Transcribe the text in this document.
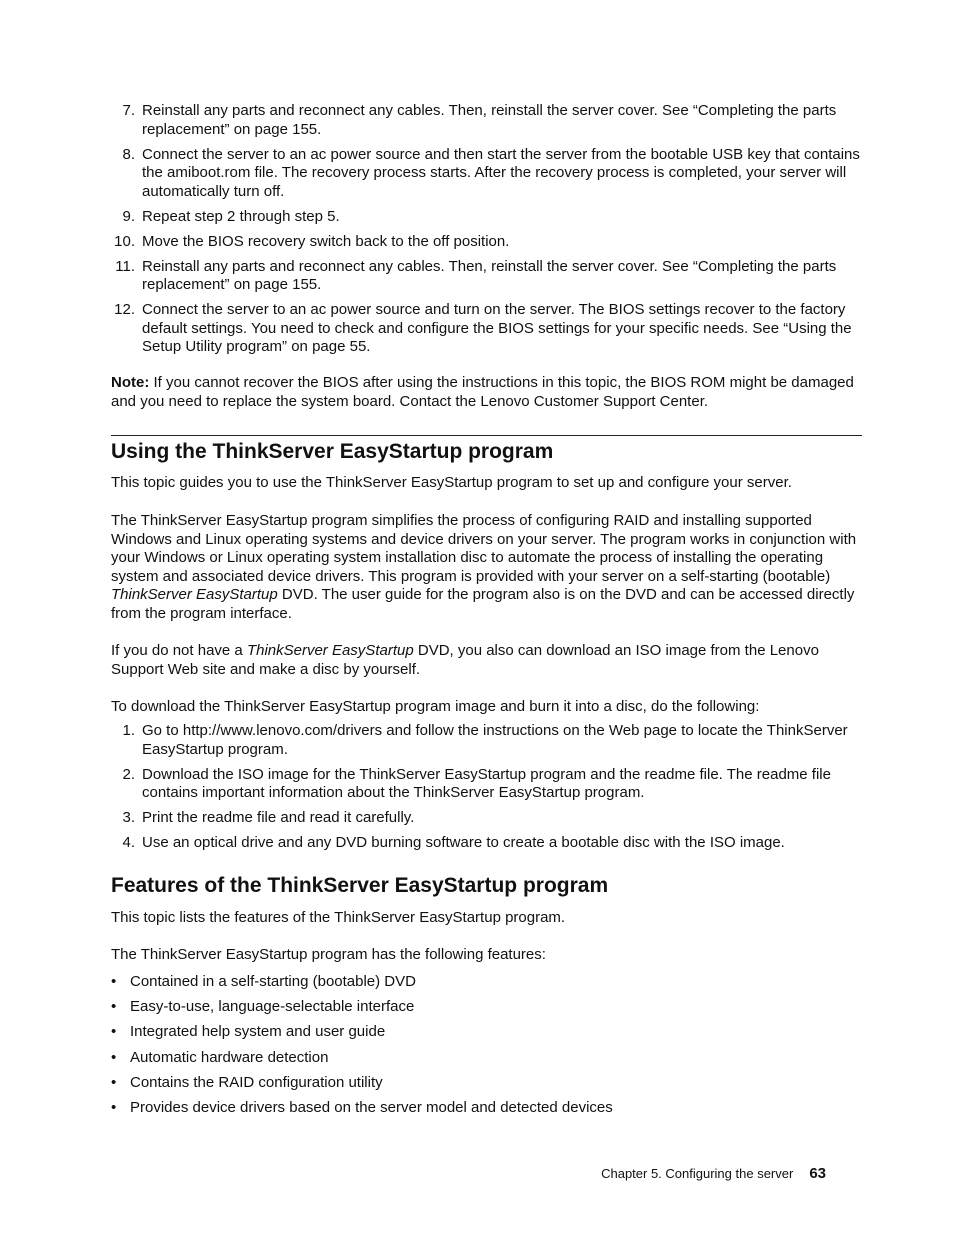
7. Reinstall any parts and reconnect any cables. Then, reinstall the server cover. See “Completing the parts replacement” on page 155.
8. Connect the server to an ac power source and then start the server from the bootable USB key that contains the amiboot.rom file. The recovery process starts. After the recovery process is completed, your server will automatically turn off.
9. Repeat step 2 through step 5.
10. Move the BIOS recovery switch back to the off position.
11. Reinstall any parts and reconnect any cables. Then, reinstall the server cover. See “Completing the parts replacement” on page 155.
12. Connect the server to an ac power source and turn on the server. The BIOS settings recover to the factory default settings. You need to check and configure the BIOS settings for your specific needs. See “Using the Setup Utility program” on page 55.

Note: If you cannot recover the BIOS after using the instructions in this topic, the BIOS ROM might be damaged and you need to replace the system board. Contact the Lenovo Customer Support Center.

Using the ThinkServer EasyStartup program

This topic guides you to use the ThinkServer EasyStartup program to set up and configure your server.

The ThinkServer EasyStartup program simplifies the process of configuring RAID and installing supported Windows and Linux operating systems and device drivers on your server. The program works in conjunction with your Windows or Linux operating system installation disc to automate the process of installing the operating system and associated device drivers. This program is provided with your server on a self-starting (bootable) ThinkServer EasyStartup DVD. The user guide for the program also is on the DVD and can be accessed directly from the program interface.

If you do not have a ThinkServer EasyStartup DVD, you also can download an ISO image from the Lenovo Support Web site and make a disc by yourself.

To download the ThinkServer EasyStartup program image and burn it into a disc, do the following:

1. Go to http://www.lenovo.com/drivers and follow the instructions on the Web page to locate the ThinkServer EasyStartup program.
2. Download the ISO image for the ThinkServer EasyStartup program and the readme file. The readme file contains important information about the ThinkServer EasyStartup program.
3. Print the readme file and read it carefully.
4. Use an optical drive and any DVD burning software to create a bootable disc with the ISO image.
Features of the ThinkServer EasyStartup program

This topic lists the features of the ThinkServer EasyStartup program.

The ThinkServer EasyStartup program has the following features:

• Contained in a self-starting (bootable) DVD
• Easy-to-use, language-selectable interface
• Integrated help system and user guide
• Automatic hardware detection
• Contains the RAID configuration utility
• Provides device drivers based on the server model and detected devices
Chapter 5. Configuring the server 63
